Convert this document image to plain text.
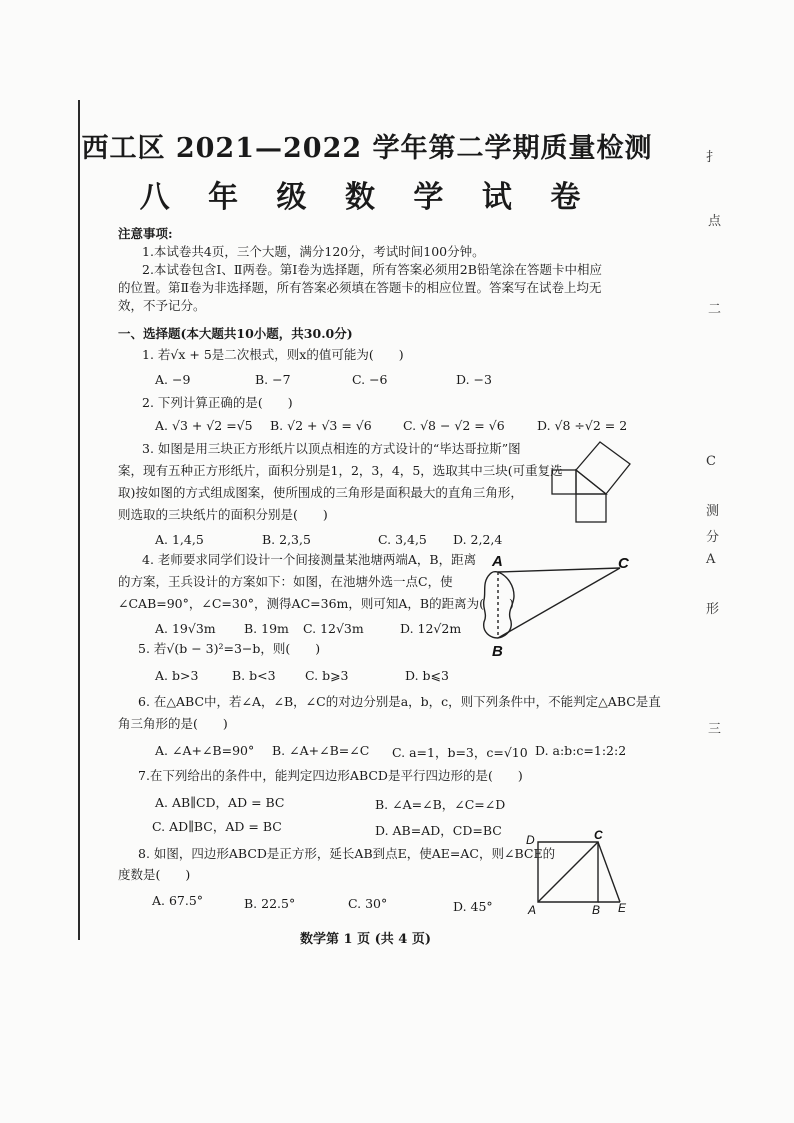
西工区 2021—2022 学年第二学期质量检测
八 年 级 数 学 试 卷
注意事项:
1.本试卷共4页，三个大题，满分120分，考试时间100分钟。
2.本试卷包含Ⅰ、Ⅱ两卷。第Ⅰ卷为选择题，所有答案必须用2B铅笔涂在答题卡中相应
的位置。第Ⅱ卷为非选择题，所有答案必须填在答题卡的相应位置。答案写在试卷上均无
效，不予记分。
一、选择题(本大题共10小题，共30.0分)
1. 若√x + 5是二次根式，则x的值可能为(　　)
A. −9	B. −7	C. −6	D. −3
2. 下列计算正确的是(　　)
A. √3 + √2 =√5 B. √2 + √3 = √6	C. √8 − √2 = √6	D. √8 ÷√2 = 2
3. 如图是用三块正方形纸片以顶点相连的方式设计的“毕达哥拉斯”图
案，现有五种正方形纸片，面积分别是1，2，3，4，5，选取其中三块(可重复选
取)按如图的方式组成图案，使所围成的三角形是面积最大的直角三角形，
则选取的三块纸片的面积分别是(　　)
A. 1,4,5	B. 2,3,5	C. 3,4,5 D. 2,2,4
4. 老师要求同学们设计一个间接测量某池塘两端A，B，距离
的方案，王兵设计的方案如下：如图，在池塘外选一点C，使
∠CAB=90°，∠C=30°，测得AC=36m，则可知A，B的距离为(　　)
A. 19√3m B. 19m C. 12√3m	D. 12√2m
A
B
C
5. 若√(b − 3)²=3−b，则(　　)
A. b>3	B. b<3 C. b⩾3	D. b⩽3
6. 在△ABC中，若∠A，∠B，∠C的对边分别是a，b，c，则下列条件中，不能判定△ABC是直
角三角形的是(　　)
A. ∠A+∠B=90° B. ∠A+∠B=∠C C. a=1，b=3，c=√10 D. a:b:c=1:2:2
7.在下列给出的条件中，能判定四边形ABCD是平行四边形的是(　　)
A. AB∥CD，AD = BC	B. ∠A=∠B，∠C=∠D
C. AD∥BC，AD = BC	D. AB=AD，CD=BC
8. 如图，四边形ABCD是正方形，延长AB到点E，使AE=AC，则∠BCE的
度数是(　　)
A. 67.5°	B. 22.5°	C. 30°	D. 45°
D	C
A	B E
数学第 1 页 (共 4 页)
扌
点
二
C
测
分
A
形
三
